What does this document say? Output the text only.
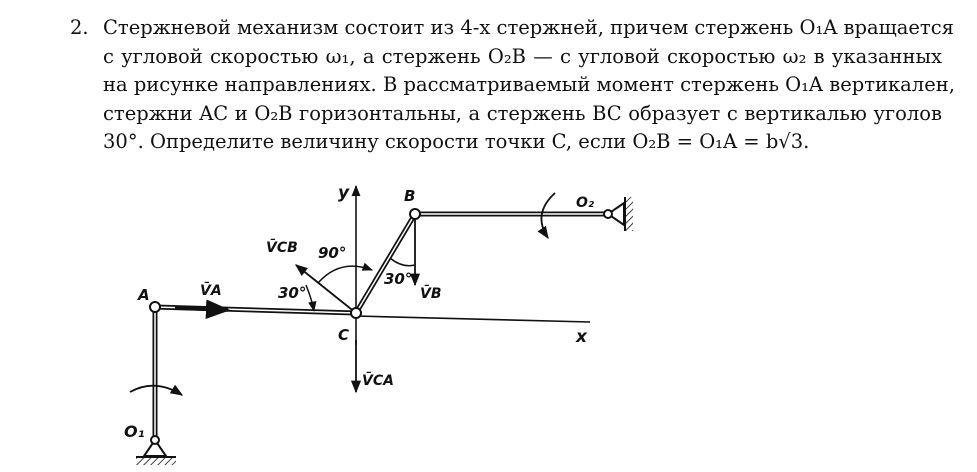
2. Стержневой механизм состоит из 4-х стержней, причем стержень O₁A вращается
с угловой скоростью ω₁, а стержень O₂B — с угловой скоростью ω₂ в указанных
на рисунке направлениях. В рассматриваемый момент стержень O₁A вертикален,
стержни AC и O₂B горизонтальны, а стержень BC образует с вертикалью уголов
30°. Определите величину скорости точки C, если O₂B = O₁A = b√3.
y
x
A
B
C
O₁
O₂
V̄A	V̄B
V̄CB
V̄CA
90°
30°
30°
